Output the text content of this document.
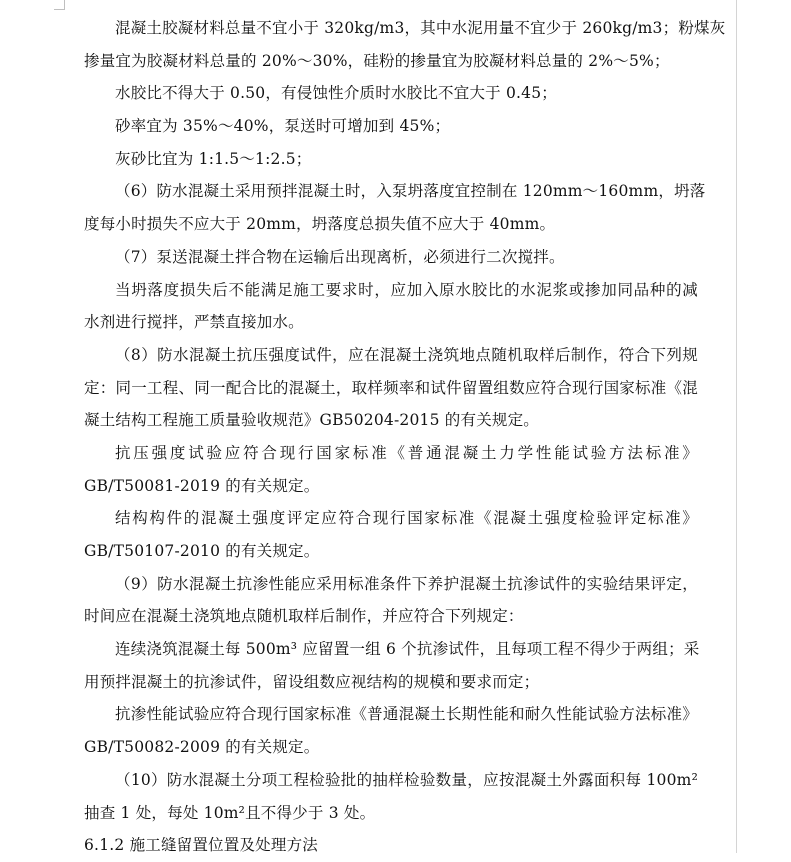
混凝土胶凝材料总量不宜小于 320kg/m3，其中水泥用量不宜少于 260kg/m3；粉煤灰
掺量宜为胶凝材料总量的 20%～30%，硅粉的掺量宜为胶凝材料总量的 2%～5%；
水胶比不得大于 0.50，有侵蚀性介质时水胶比不宜大于 0.45；
砂率宜为 35%～40%，泵送时可增加到 45%；
灰砂比宜为 1:1.5～1:2.5；
（6）防水混凝土采用预拌混凝土时，入泵坍落度宜控制在 120mm～160mm，坍落
度每小时损失不应大于 20mm，坍落度总损失值不应大于 40mm。
（7）泵送混凝土拌合物在运输后出现离析，必须进行二次搅拌。
当坍落度损失后不能满足施工要求时，应加入原水胶比的水泥浆或掺加同品种的减
水剂进行搅拌，严禁直接加水。
（8）防水混凝土抗压强度试件，应在混凝土浇筑地点随机取样后制作，符合下列规
定：同一工程、同一配合比的混凝土，取样频率和试件留置组数应符合现行国家标准《混
凝土结构工程施工质量验收规范》GB50204-2015 的有关规定。
抗压强度试验应符合现行国家标准《普通混凝土力学性能试验方法标准》
GB/T50081-2019 的有关规定。
结构构件的混凝土强度评定应符合现行国家标准《混凝土强度检验评定标准》
GB/T50107-2010 的有关规定。
（9）防水混凝土抗渗性能应采用标准条件下养护混凝土抗渗试件的实验结果评定，
时间应在混凝土浇筑地点随机取样后制作，并应符合下列规定：
连续浇筑混凝土每 500m³ 应留置一组 6 个抗渗试件，且每项工程不得少于两组；采
用预拌混凝土的抗渗试件，留设组数应视结构的规模和要求而定；
抗渗性能试验应符合现行国家标准《普通混凝土长期性能和耐久性能试验方法标准》
GB/T50082-2009 的有关规定。
（10）防水混凝土分项工程检验批的抽样检验数量，应按混凝土外露面积每 100m²
抽查 1 处，每处 10m²且不得少于 3 处。
6.1.2 施工缝留置位置及处理方法
